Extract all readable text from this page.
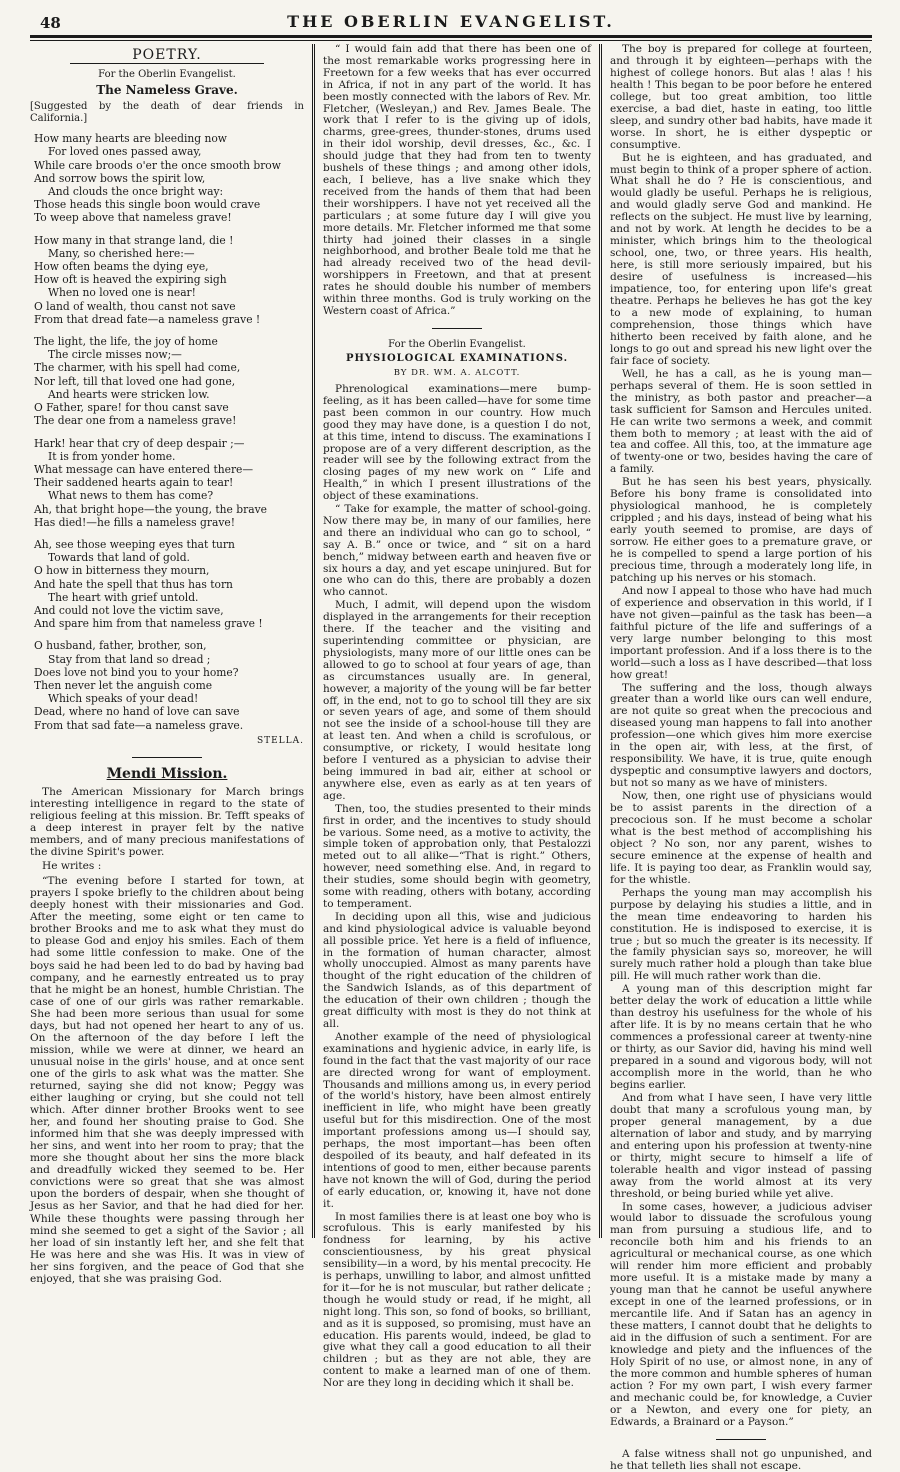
48	THE OBERLIN EVANGELIST.
POETRY.
For the Oberlin Evangelist.
The Nameless Grave.
[Suggested by the death of dear friends in California.]
How many hearts are bleeding now
For loved ones passed away,
While care broods o'er the once smooth brow
And sorrow bows the spirit low,
And clouds the once bright way:
Those heads this single boon would crave
To weep above that nameless grave!
How many in that strange land, die !
Many, so cherished here:—
How often beams the dying eye,
How oft is heaved the expiring sigh
When no loved one is near!
O land of wealth, thou canst not save
From that dread fate—a nameless grave !
The light, the life, the joy of home
The circle misses now;—
The charmer, with his spell had come,
Nor left, till that loved one had gone,
And hearts were stricken low.
O Father, spare! for thou canst save
The dear one from a nameless grave!
Hark! hear that cry of deep despair ;—
It is from yonder home.
What message can have entered there—
Their saddened hearts again to tear!
What news to them has come?
Ah, that bright hope—the young, the brave
Has died!—he fills a nameless grave!
Ah, see those weeping eyes that turn
Towards that land of gold.
O how in bitterness they mourn,
And hate the spell that thus has torn
The heart with grief untold.
And could not love the victim save,
And spare him from that nameless grave !
O husband, father, brother, son,
Stay from that land so dread ;
Does love not bind you to your home?
Then never let the anguish come
Which speaks of your dead!
Dead, where no hand of love can save
From that sad fate—a nameless grave.
STELLA.
Mendi Mission.

The American Missionary for March brings interesting intelligence in regard to the state of religious feeling at this mission. Br. Tefft speaks of a deep interest in prayer felt by the native members, and of many precious manifestations of the divine Spirit's power.

He writes :

“The evening before I started for town, at prayers I spoke briefly to the children about being deeply honest with their missionaries and God. After the meeting, some eight or ten came to brother Brooks and me to ask what they must do to please God and enjoy his smiles. Each of them had some little confession to make. One of the boys said he had been led to do bad by having bad company, and he earnestly entreated us to pray that he might be an honest, humble Christian. The case of one of our girls was rather remarkable. She had been more serious than usual for some days, but had not opened her heart to any of us. On the afternoon of the day before I left the mission, while we were at dinner, we heard an unusual noise in the girls' house, and at once sent one of the girls to ask what was the matter. She returned, saying she did not know; Peggy was either laughing or crying, but she could not tell which. After dinner brother Brooks went to see her, and found her shouting praise to God. She informed him that she was deeply impressed with her sins, and went into her room to pray; that the more she thought about her sins the more black and dreadfully wicked they seemed to be. Her convictions were so great that she was almost upon the borders of despair, when she thought of Jesus as her Savior, and that he had died for her. While these thoughts were passing through her mind she seemed to get a sight of the Savior ; all her load of sin instantly left her, and she felt that He was here and she was His. It was in view of her sins forgiven, and the peace of God that she enjoyed, that she was praising God.

“ I would fain add that there has been one of the most remarkable works progressing here in Freetown for a few weeks that has ever occurred in Africa, if not in any part of the world. It has been mostly connected with the labors of Rev. Mr. Fletcher, (Wesleyan,) and Rev. James Beale. The work that I refer to is the giving up of idols, charms, gree-grees, thunder-stones, drums used in their idol worship, devil dresses, &c., &c. I should judge that they had from ten to twenty bushels of these things ; and among other idols, each, I believe, has a live snake which they received from the hands of them that had been their worshippers. I have not yet received all the particulars ; at some future day I will give you more details. Mr. Fletcher informed me that some thirty had joined their classes in a single neighborhood, and brother Beale told me that he had already received two of the head devil-worshippers in Freetown, and that at present rates he should double his number of members within three months. God is truly working on the Western coast of Africa.”

For the Oberlin Evangelist.
PHYSIOLOGICAL EXAMINATIONS.
BY DR. WM. A. ALCOTT.

Phrenological examinations—mere bump-feeling, as it has been called—have for some time past been common in our country. How much good they may have done, is a question I do not, at this time, intend to discuss. The examinations I propose are of a very different description, as the reader will see by the following extract from the closing pages of my new work on “ Life and Health,” in which I present illustrations of the object of these examinations.

“ Take for example, the matter of school-going. Now there may be, in many of our families, here and there an individual who can go to school, “ say A. B.” once or twice, and “ sit on a hard bench,” midway between earth and heaven five or six hours a day, and yet escape uninjured. But for one who can do this, there are probably a dozen who cannot.

Much, I admit, will depend upon the wisdom displayed in the arrangements for their reception there. If the teacher and the visiting and superintending committee or physician, are physiologists, many more of our little ones can be allowed to go to school at four years of age, than as circumstances usually are. In general, however, a majority of the young will be far better off, in the end, not to go to school till they are six or seven years of age, and some of them should not see the inside of a school-house till they are at least ten. And when a child is scrofulous, or consumptive, or rickety, I would hesitate long before I ventured as a physician to advise their being immured in bad air, either at school or anywhere else, even as early as at ten years of age.

Then, too, the studies presented to their minds first in order, and the incentives to study should be various. Some need, as a motive to activity, the simple token of approbation only, that Pestalozzi meted out to all alike—“That is right.” Others, however, need something else. And, in regard to their studies, some should begin with geometry, some with reading, others with botany, according to temperament.

In deciding upon all this, wise and judicious and kind physiological advice is valuable beyond all possible price. Yet here is a field of influence, in the formation of human character, almost wholly unoccupied. Almost as many parents have thought of the right education of the children of the Sandwich Islands, as of this department of the education of their own children ; though the great difficulty with most is they do not think at all.

Another example of the need of physiological examinations and hygienic advice, in early life, is found in the fact that the vast majority of our race are directed wrong for want of employment. Thousands and millions among us, in every period of the world's history, have been almost entirely inefficient in life, who might have been greatly useful but for this misdirection. One of the most important professions among us—I should say, perhaps, the most important—has been often despoiled of its beauty, and half defeated in its intentions of good to men, either because parents have not known the will of God, during the period of early education, or, knowing it, have not done it.

In most families there is at least one boy who is scrofulous. This is early manifested by his fondness for learning, by his active conscientiousness, by his great physical sensibility—in a word, by his mental precocity. He is perhaps, unwilling to labor, and almost unfitted for it—for he is not muscular, but rather delicate ; though he would study or read, if he might, all night long. This son, so fond of books, so brilliant, and as it is supposed, so promising, must have an education. His parents would, indeed, be glad to give what they call a good education to all their children ; but as they are not able, they are content to make a learned man of one of them. Nor are they long in deciding which it shall be.

The boy is prepared for college at fourteen, and through it by eighteen—perhaps with the highest of college honors. But alas ! alas ! his health ! This began to be poor before he entered college, but too great ambition, too little exercise, a bad diet, haste in eating, too little sleep, and sundry other bad habits, have made it worse. In short, he is either dyspeptic or consumptive.

But he is eighteen, and has graduated, and must begin to think of a proper sphere of action. What shall he do ? He is conscientious, and would gladly be useful. Perhaps he is religious, and would gladly serve God and mankind. He reflects on the subject. He must live by learning, and not by work. At length he decides to be a minister, which brings him to the theological school, one, two, or three years. His health, here, is still more seriously impaired, but his desire of usefulness is increased—his impatience, too, for entering upon life's great theatre. Perhaps he believes he has got the key to a new mode of explaining, to human comprehension, those things which have hitherto been received by faith alone, and he longs to go out and spread his new light over the fair face of society.

Well, he has a call, as he is young man—perhaps several of them. He is soon settled in the ministry, as both pastor and preacher—a task sufficient for Samson and Hercules united. He can write two sermons a week, and commit them both to memory ; at least with the aid of tea and coffee. All this, too, at the immature age of twenty-one or two, besides having the care of a family.

But he has seen his best years, physically. Before his bony frame is consolidated into physiological manhood, he is completely crippled ; and his days, instead of being what his early youth seemed to promise, are days of sorrow. He either goes to a premature grave, or he is compelled to spend a large portion of his precious time, through a moderately long life, in patching up his nerves or his stomach.

And now I appeal to those who have had much of experience and observation in this world, if I have not given—painful as the task has been—a faithful picture of the life and sufferings of a very large number belonging to this most important profession. And if a loss there is to the world—such a loss as I have described—that loss how great!

The suffering and the loss, though always greater than a world like ours can well endure, are not quite so great when the precocious and diseased young man happens to fall into another profession—one which gives him more exercise in the open air, with less, at the first, of responsibility. We have, it is true, quite enough dyspeptic and consumptive lawyers and doctors, but not so many as we have of ministers.

Now, then, one right use of physicians would be to assist parents in the direction of a precocious son. If he must become a scholar what is the best method of accomplishing his object ? No son, nor any parent, wishes to secure eminence at the expense of health and life. It is paying too dear, as Franklin would say, for the whistle.

Perhaps the young man may accomplish his purpose by delaying his studies a little, and in the mean time endeavoring to harden his constitution. He is indisposed to exercise, it is true ; but so much the greater is its necessity. If the family physician says so, moreover, he will surely much rather hold a plough than take blue pill. He will much rather work than die.

A young man of this description might far better delay the work of education a little while than destroy his usefulness for the whole of his after life. It is by no means certain that he who commences a professional career at twenty-nine or thirty, as our Savior did, having his mind well prepared in a sound and vigorous body, will not accomplish more in the world, than he who begins earlier.

And from what I have seen, I have very little doubt that many a scrofulous young man, by proper general management, by a due alternation of labor and study, and by marrying and entering upon his profession at twenty-nine or thirty, might secure to himself a life of tolerable health and vigor instead of passing away from the world almost at its very threshold, or being buried while yet alive.

In some cases, however, a judicious adviser would labor to dissuade the scrofulous young man from pursuing a studious life, and to reconcile both him and his friends to an agricultural or mechanical course, as one which will render him more efficient and probably more useful. It is a mistake made by many a young man that he cannot be useful anywhere except in one of the learned professions, or in mercantile life. And if Satan has an agency in these matters, I cannot doubt that he delights to aid in the diffusion of such a sentiment. For are knowledge and piety and the influences of the Holy Spirit of no use, or almost none, in any of the more common and humble spheres of human action ? For my own part, I wish every farmer and mechanic could be, for knowledge, a Cuvier or a Newton, and every one for piety, an Edwards, a Brainard or a Payson.”

A false witness shall not go unpunished, and he that telleth lies shall not escape.
